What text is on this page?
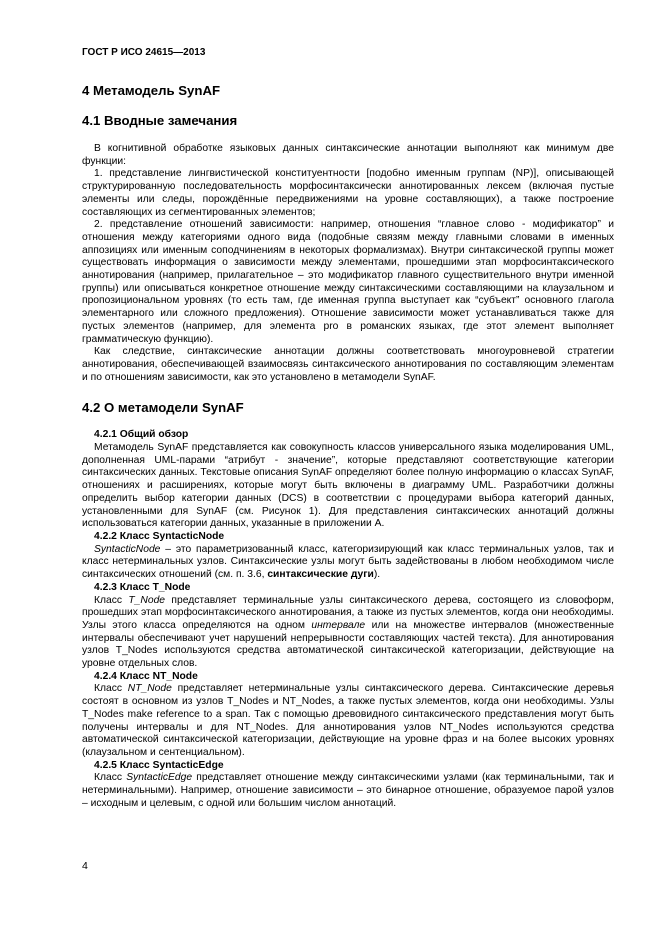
ГОСТ Р ИСО 24615—2013
4 Метамодель SynAF
4.1 Вводные замечания

В когнитивной обработке языковых данных синтаксические аннотации выполняют как минимум две функции:

1. представление лингвистической конституентности [подобно именным группам (NP)], описывающей структурированную последовательность морфосинтаксически аннотированных лексем (включая пустые элементы или следы, порождённые передвижениями на уровне составляющих), а также построение составляющих из сегментированных элементов;

2. представление отношений зависимости: например, отношения “главное слово - модификатор” и отношения между категориями одного вида (подобные связям между главными словами в именных аппозициях или именным соподчинениям в некоторых формализмах). Внутри синтаксической группы может существовать информация о зависимости между элементами, прошедшими этап морфосинтаксического аннотирования (например, прилагательное – это модификатор главного существительного внутри именной группы) или описываться конкретное отношение между синтаксическими составляющими на клаузальном и пропозициональном уровнях (то есть там, где именная группа выступает как “субъект” основного глагола элементарного или сложного предложения). Отношение зависимости может устанавливаться также для пустых элементов (например, для элемента pro в романских языках, где этот элемент выполняет грамматическую функцию).

Как следствие, синтаксические аннотации должны соответствовать многоуровневой стратегии аннотирования, обеспечивающей взаимосвязь синтаксического аннотирования по составляющим элементам и по отношениям зависимости, как это установлено в метамодели SynAF.

4.2 О метамодели SynAF
4.2.1 Общий обзор

Метамодель SynAF представляется как совокупность классов универсального языка моделирования UML, дополненная UML-парами “атрибут - значение”, которые представляют соответствующие категории синтаксических данных. Текстовые описания SynAF определяют более полную информацию о классах SynAF, отношениях и расширениях, которые могут быть включены в диаграмму UML. Разработчики должны определить выбор категории данных (DCS) в соответствии с процедурами выбора категорий данных, установленными для SynAF (см. Рисунок 1). Для представления синтаксических аннотаций должны использоваться категории данных, указанные в приложении А.

4.2.2 Класс SyntacticNode

SyntacticNode – это параметризованный класс, категоризирующий как класс терминальных узлов, так и класс нетерминальных узлов. Синтаксические узлы могут быть задействованы в любом необходимом числе синтаксических отношений (см. п. 3.6, синтаксические дуги).

4.2.3 Класс T_Node

Класс T_Node представляет терминальные узлы синтаксического дерева, состоящего из словоформ, прошедших этап морфосинтаксического аннотирования, а также из пустых элементов, когда они необходимы. Узлы этого класса определяются на одном интервале или на множестве интервалов (множественные интервалы обеспечивают учет нарушений непрерывности составляющих частей текста). Для аннотирования узлов T_Nodes используются средства автоматической синтаксической категоризации, действующие на уровне отдельных слов.

4.2.4 Класс NT_Node

Класс NT_Node представляет нетерминальные узлы синтаксического дерева. Синтаксические деревья состоят в основном из узлов T_Nodes и NT_Nodes, а также пустых элементов, когда они необходимы. Узлы T_Nodes make reference to a span. Так с помощью древовидного синтаксического представления могут быть получены интервалы и для NT_Nodes. Для аннотирования узлов NT_Nodes используются средства автоматической синтаксической категоризации, действующие на уровне фраз и на более высоких уровнях (клаузальном и сентенциальном).

4.2.5 Класс SyntacticEdge

Класс SyntacticEdge представляет отношение между синтаксическими узлами (как терминальными, так и нетерминальными). Например, отношение зависимости – это бинарное отношение, образуемое парой узлов – исходным и целевым, с одной или большим числом аннотаций.

4
